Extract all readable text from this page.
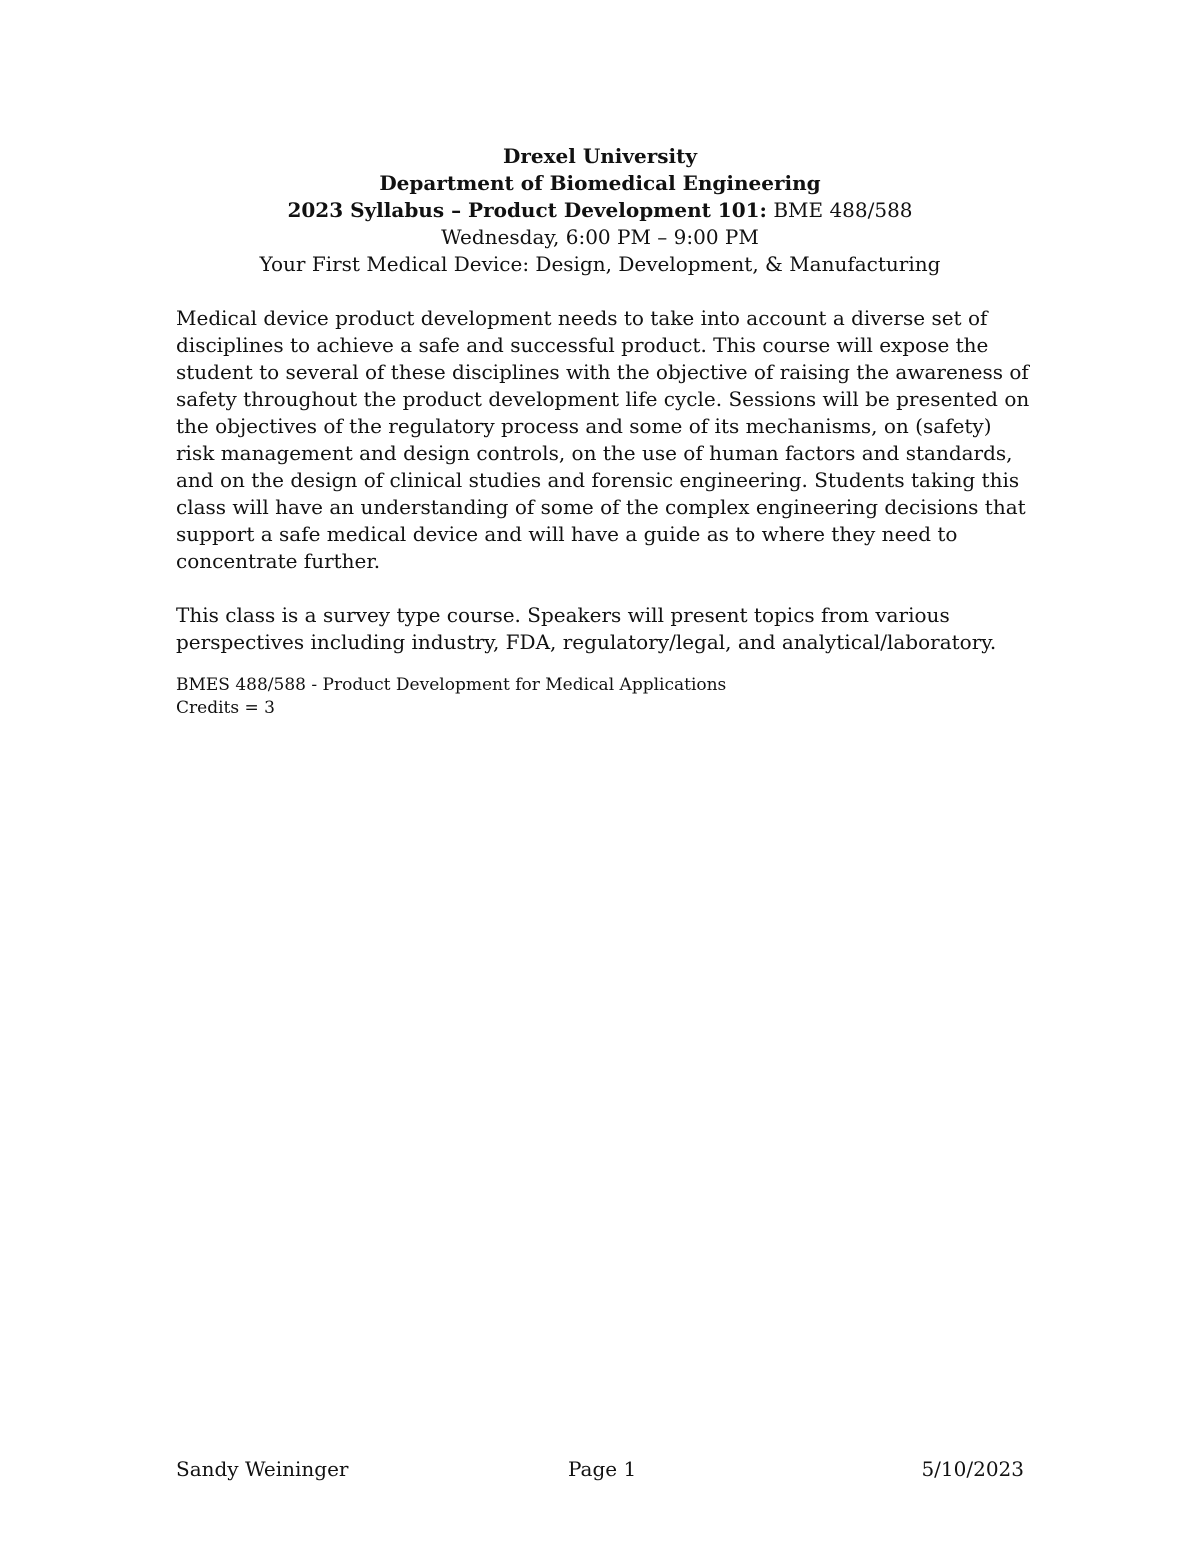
Drexel University
Department of Biomedical Engineering
2023 Syllabus – Product Development 101: BME 488/588
Wednesday, 6:00 PM – 9:00 PM
Your First Medical Device: Design, Development, & Manufacturing

Medical device product development needs to take into account a diverse set of disciplines to achieve a safe and successful product. This course will expose the student to several of these disciplines with the objective of raising the awareness of safety throughout the product development life cycle. Sessions will be presented on the objectives of the regulatory process and some of its mechanisms, on (safety) risk management and design controls, on the use of human factors and standards, and on the design of clinical studies and forensic engineering. Students taking this class will have an understanding of some of the complex engineering decisions that support a safe medical device and will have a guide as to where they need to concentrate further.

This class is a survey type course. Speakers will present topics from various perspectives including industry, FDA, regulatory/legal, and analytical/laboratory.

BMES 488/588 - Product Development for Medical Applications

Credits = 3

Sandy Weininger	Page 1	5/10/2023
